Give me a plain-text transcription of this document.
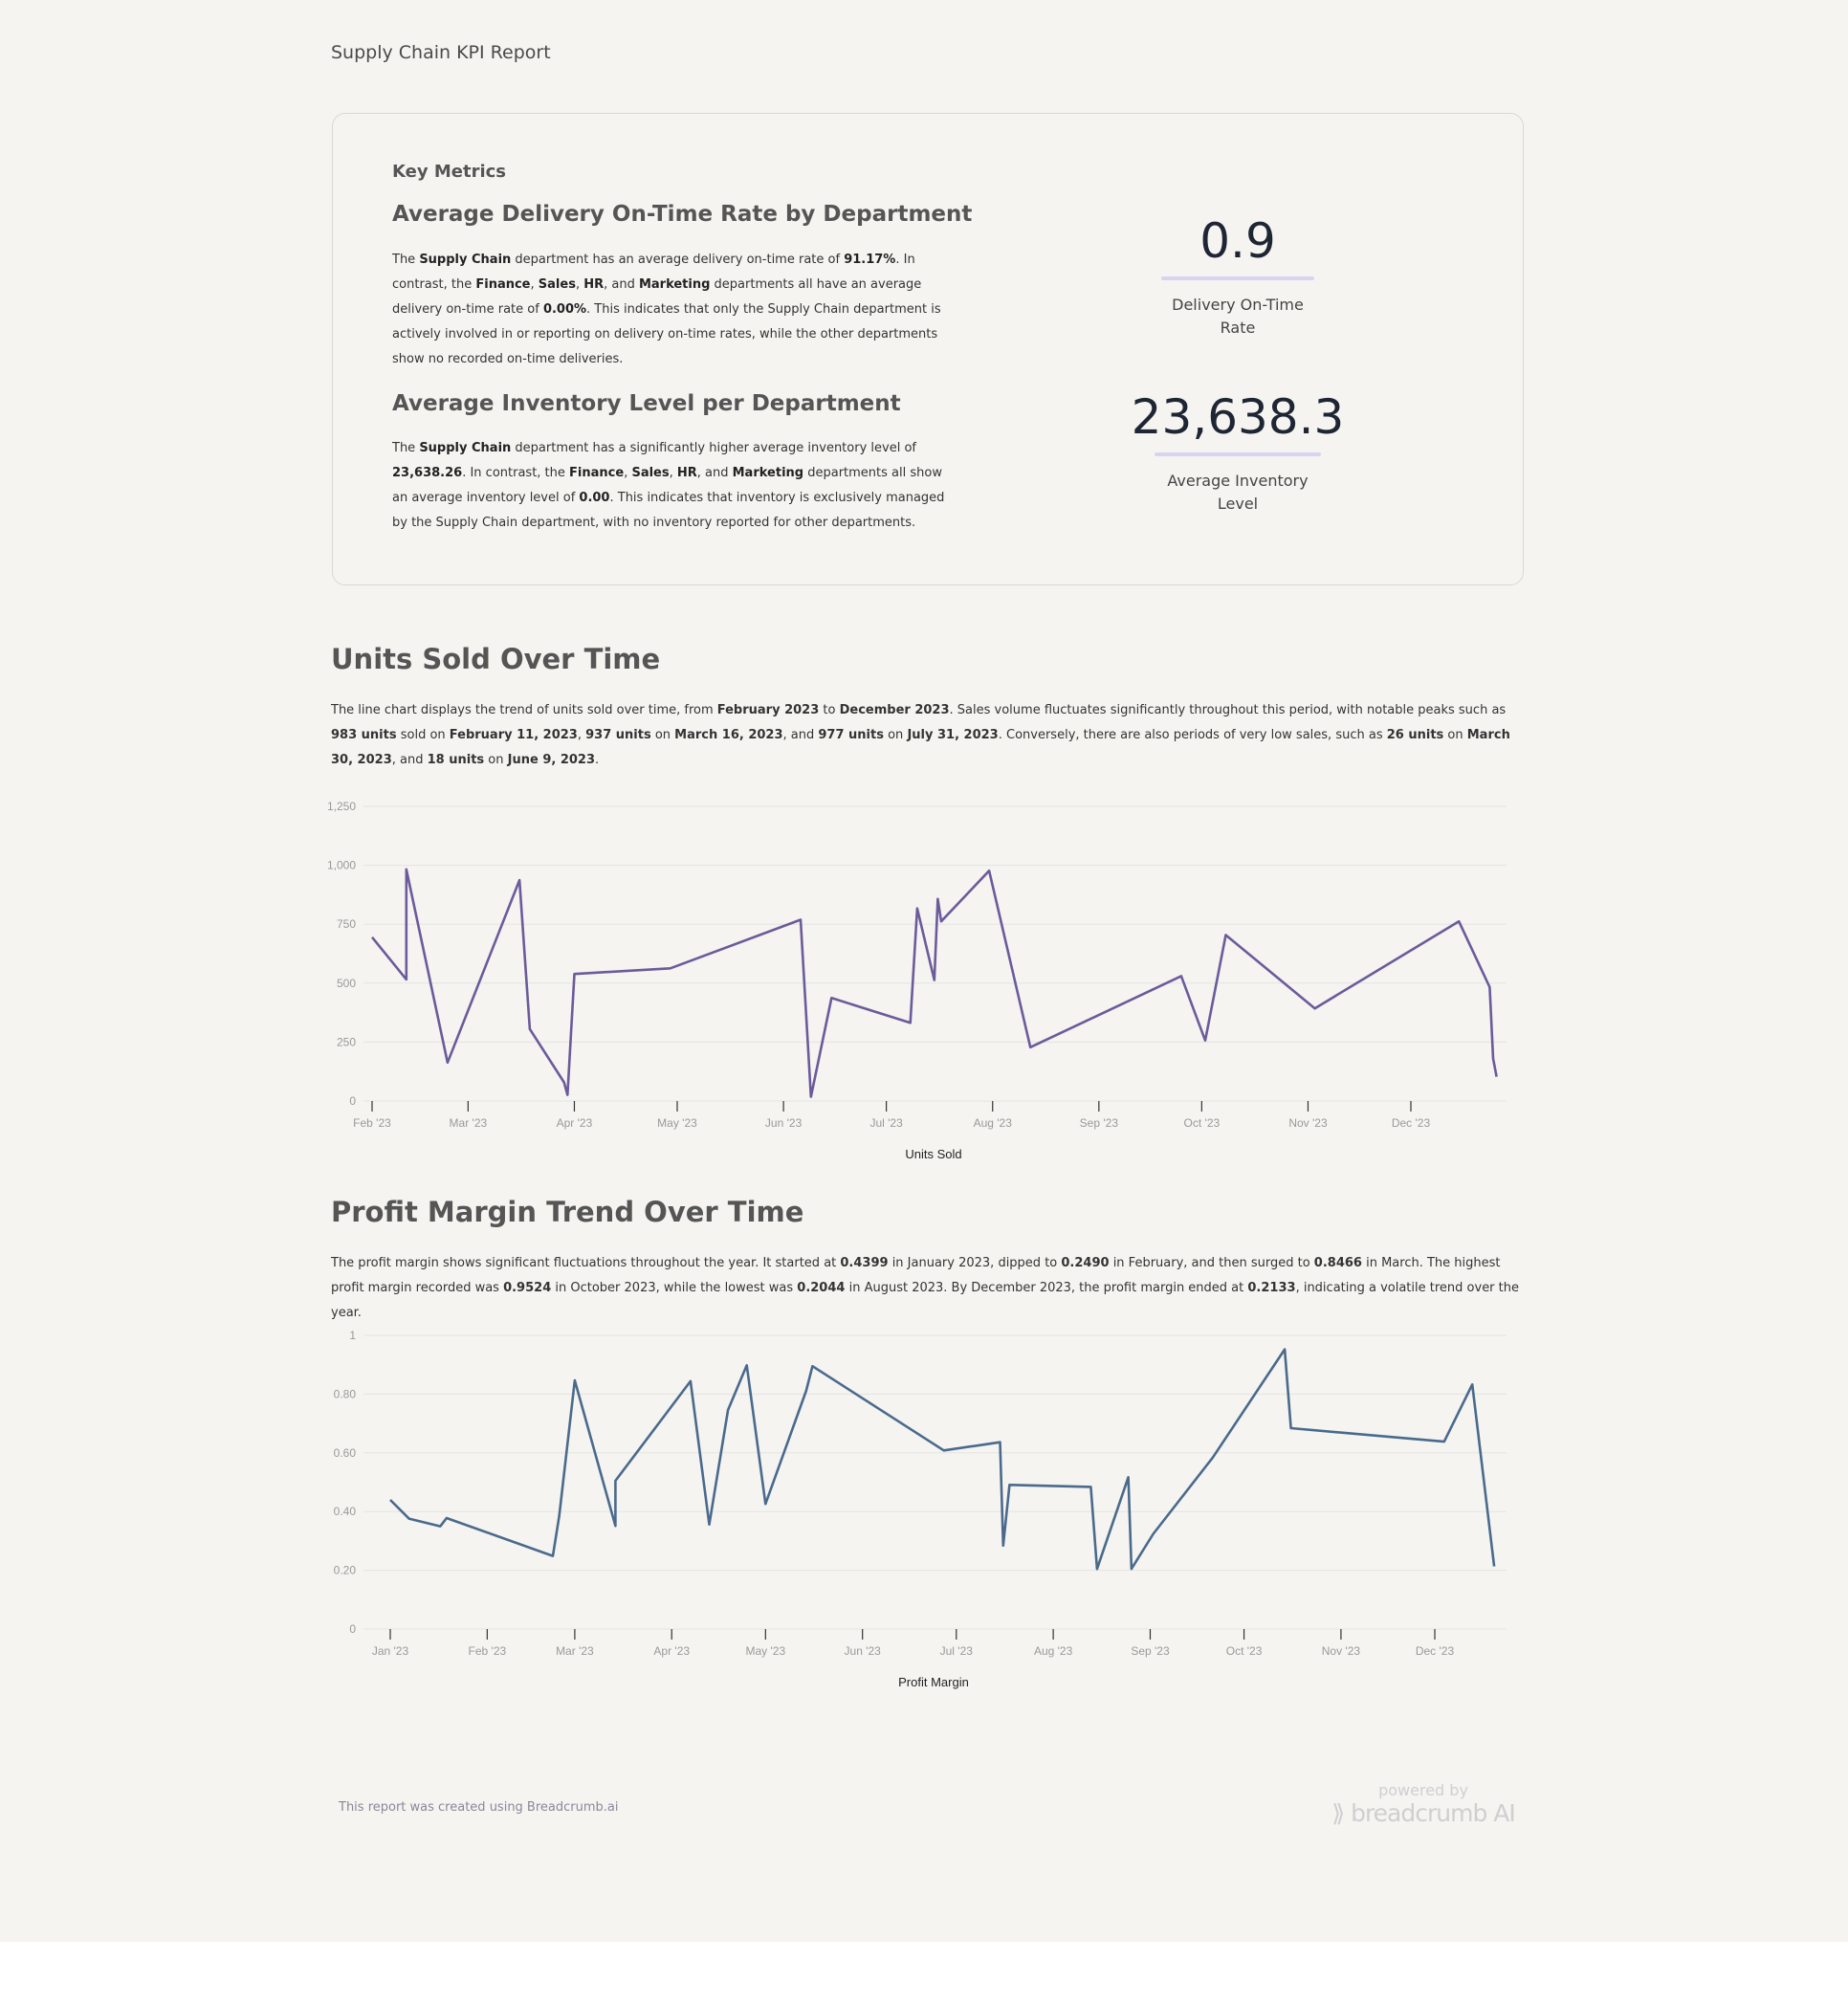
Supply Chain KPI Report
Key Metrics
Average Delivery On-Time Rate by Department
The Supply Chain department has an average delivery on-time rate of 91.17%. In contrast, the Finance, Sales, HR, and Marketing departments all have an average delivery on-time rate of 0.00%. This indicates that only the Supply Chain department is actively involved in or reporting on delivery on-time rates, while the other departments show no recorded on-time deliveries.
Average Inventory Level per Department
The Supply Chain department has a significantly higher average inventory level of 23,638.26. In contrast, the Finance, Sales, HR, and Marketing departments all show an average inventory level of 0.00. This indicates that inventory is exclusively managed by the Supply Chain department, with no inventory reported for other departments.
0.9
Delivery On-Time Rate
23,638.3
Average Inventory Level
Units Sold Over Time
The line chart displays the trend of units sold over time, from February 2023 to December 2023. Sales volume fluctuates significantly throughout this period, with notable peaks such as 983 units sold on February 11, 2023, 937 units on March 16, 2023, and 977 units on July 31, 2023. Conversely, there are also periods of very low sales, such as 26 units on March 30, 2023, and 18 units on June 9, 2023.
0
250
500
750
1,000
1,250
Feb '23	Mar '23	Apr '23	May '23	Jun '23	Jul '23	Aug '23	Sep '23	Oct '23	Nov '23	Dec '23
Units Sold
Profit Margin Trend Over Time
The profit margin shows significant fluctuations throughout the year. It started at 0.4399 in January 2023, dipped to 0.2490 in February, and then surged to 0.8466 in March. The highest profit margin recorded was 0.9524 in October 2023, while the lowest was 0.2044 in August 2023. By December 2023, the profit margin ended at 0.2133, indicating a volatile trend over the year.
0
0.20
0.40
0.60
0.80
1
Jan '23	Feb '23	Mar '23	Apr '23	May '23	Jun '23	Jul '23	Aug '23	Sep '23	Oct '23	Nov '23	Dec '23
Profit Margin
This report was created using Breadcrumb.ai
powered by
⟫ breadcrumb AI
